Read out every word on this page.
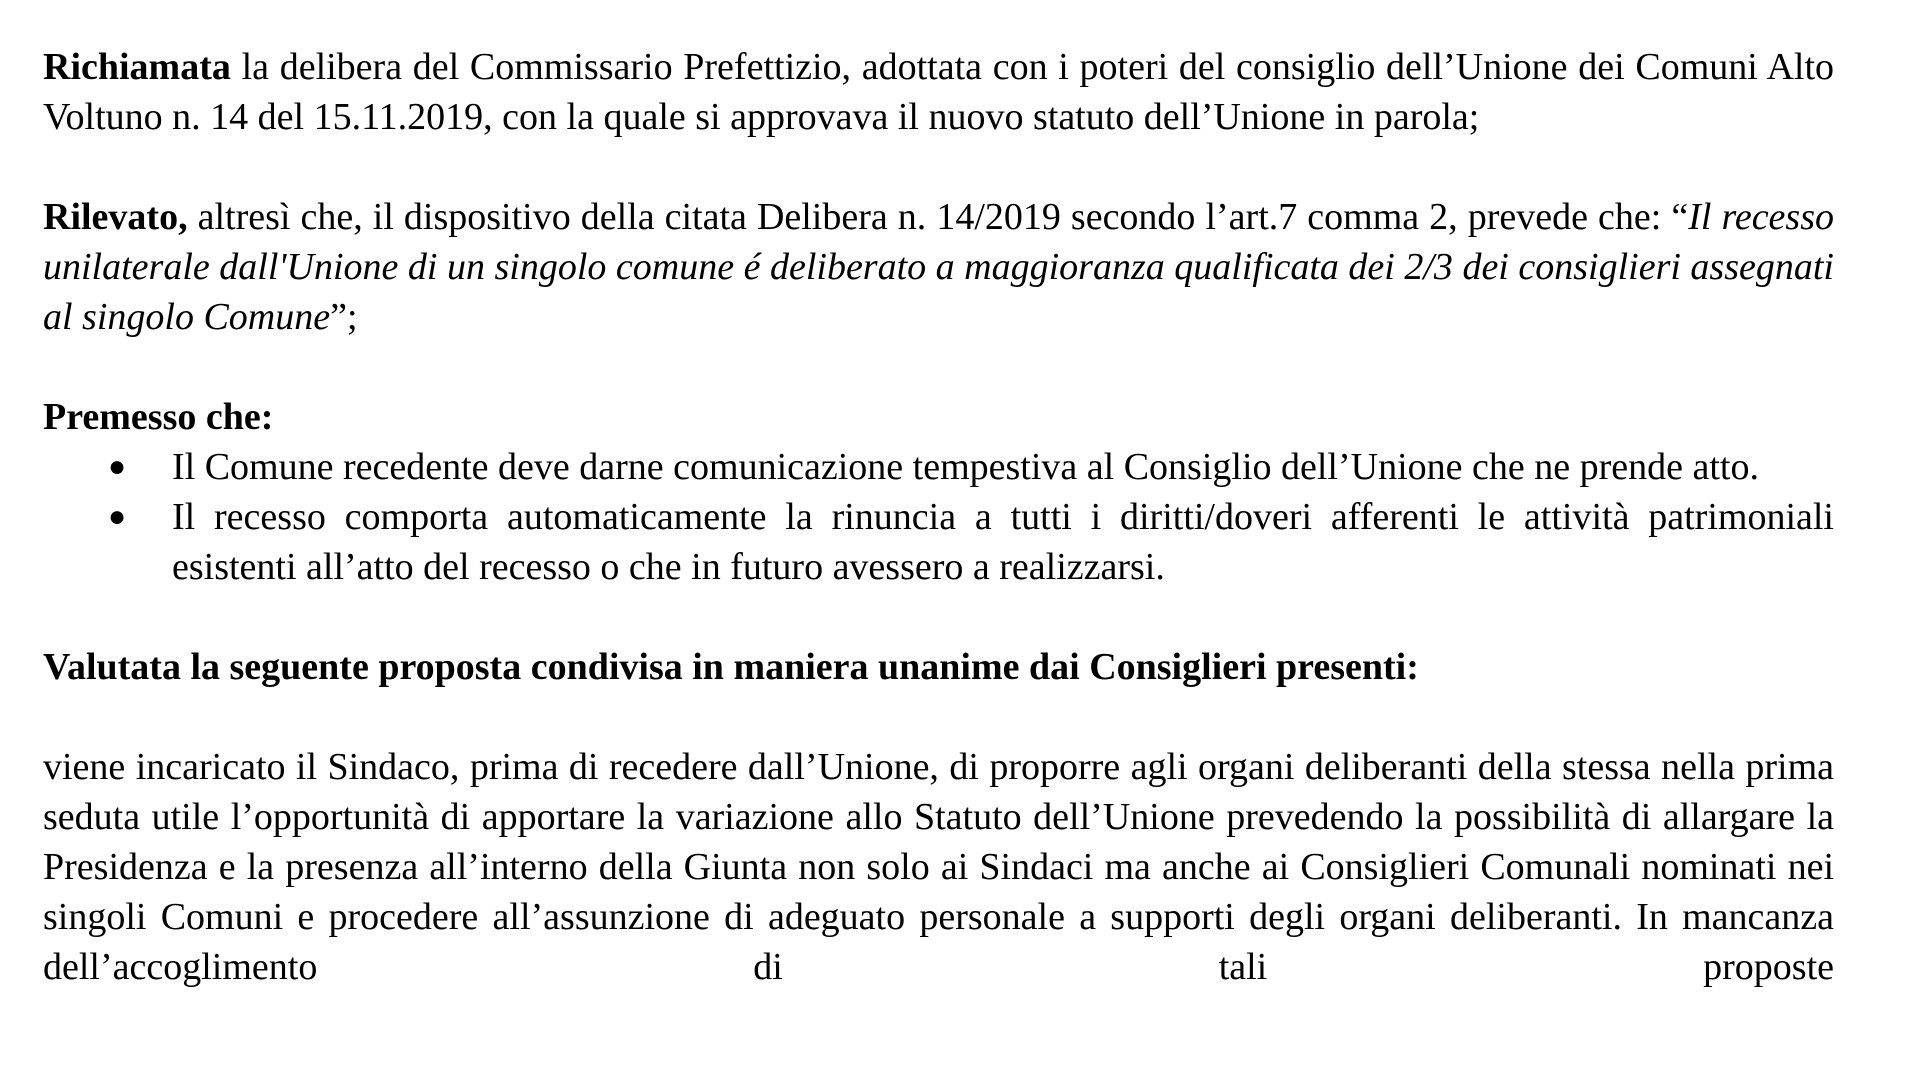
Richiamata la delibera del Commissario Prefettizio, adottata con i poteri del consiglio dell’Unione dei Comuni Alto Voltuno n. 14 del 15.11.2019, con la quale si approvava il nuovo statuto dell’Unione in parola;

Rilevato, altresì che, il dispositivo della citata Delibera n. 14/2019 secondo l’art.7 comma 2, prevede che: “Il recesso unilaterale dall'Unione di un singolo comune é deliberato a maggioranza qualificata dei 2/3 dei consiglieri assegnati al singolo Comune”;

Premesso che:

● Il Comune recedente deve darne comunicazione tempestiva al Consiglio dell’Unione che ne prende atto.
● Il recesso comporta automaticamente la rinuncia a tutti i diritti/doveri afferenti le attività patrimoniali esistenti all’atto del recesso o che in futuro avessero a realizzarsi.

Valutata la seguente proposta condivisa in maniera unanime dai Consiglieri presenti:

viene incaricato il Sindaco, prima di recedere dall’Unione, di proporre agli organi deliberanti della stessa nella prima seduta utile l’opportunità di apportare la variazione allo Statuto dell’Unione prevedendo la possibilità di allargare la Presidenza e la presenza all’interno della Giunta non solo ai Sindaci ma anche ai Consiglieri Comunali nominati nei singoli Comuni e procedere all’assunzione di adeguato personale a supporti degli organi deliberanti. In mancanza dell’accoglimento di tali proposte
